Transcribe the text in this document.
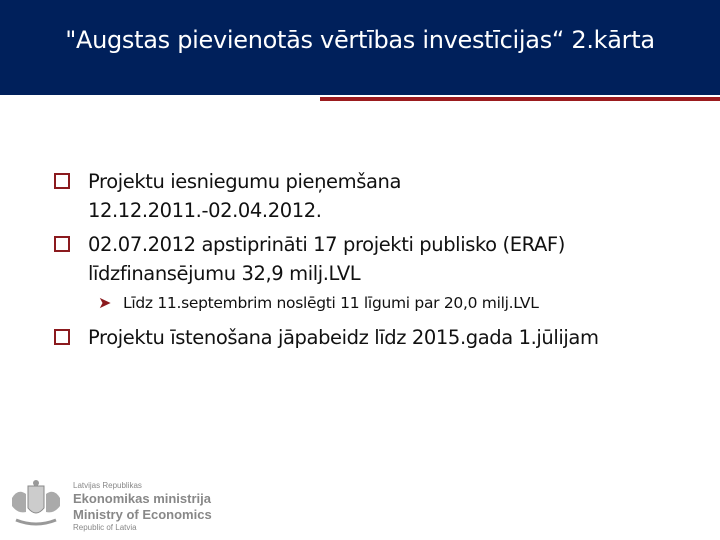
"Augstas pievienotās vērtības investīcijas“ 2.kārta
Projektu iesniegumu pieņemšana
12.12.2011.-02.04.2012.
02.07.2012 apstiprināti 17 projekti publisko (ERAF)
līdzfinansējumu 32,9 milj.LVL
➤ Līdz 11.septembrim noslēgti 11 līgumi par 20,0 milj.LVL
Projektu īstenošana jāpabeidz līdz 2015.gada 1.jūlijam
Latvijas Republikas
Ekonomikas ministrija
Ministry of Economics
Republic of Latvia
